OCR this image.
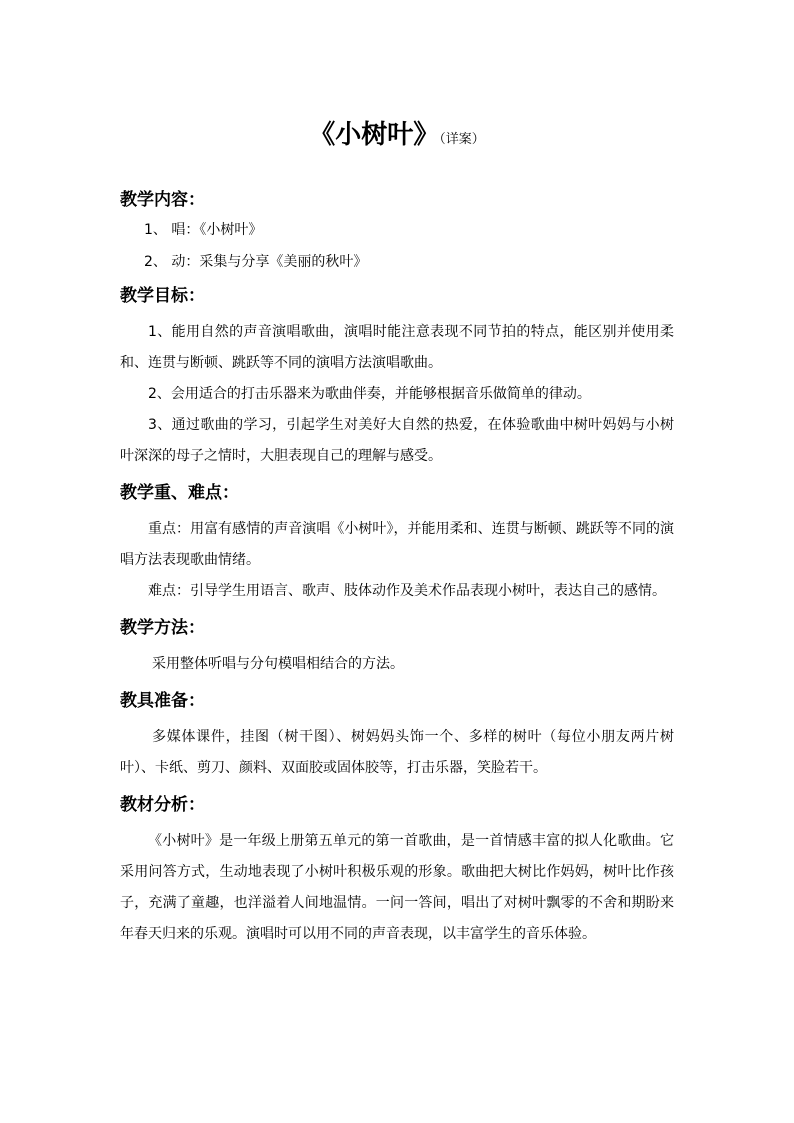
《小树叶》（详案）
教学内容：
1、 唱：《小树叶》
2、 动：采集与分享《美丽的秋叶》
教学目标：

1、能用自然的声音演唱歌曲，演唱时能注意表现不同节拍的特点，能区别并使用柔和、连贯与断顿、跳跃等不同的演唱方法演唱歌曲。

2、会用适合的打击乐器来为歌曲伴奏，并能够根据音乐做简单的律动。

3、通过歌曲的学习，引起学生对美好大自然的热爱，在体验歌曲中树叶妈妈与小树叶深深的母子之情时，大胆表现自己的理解与感受。

教学重、难点：

重点：用富有感情的声音演唱《小树叶》，并能用柔和、连贯与断顿、跳跃等不同的演唱方法表现歌曲情绪。

难点：引导学生用语言、歌声、肢体动作及美术作品表现小树叶，表达自己的感情。

教学方法：

采用整体听唱与分句模唱相结合的方法。

教具准备：

多媒体课件，挂图（树干图）、树妈妈头饰一个、多样的树叶（每位小朋友两片树叶）、卡纸、剪刀、颜料、双面胶或固体胶等，打击乐器，笑脸若干。

教材分析：

《小树叶》是一年级上册第五单元的第一首歌曲，是一首情感丰富的拟人化歌曲。它采用问答方式，生动地表现了小树叶积极乐观的形象。歌曲把大树比作妈妈，树叶比作孩子，充满了童趣，也洋溢着人间地温情。一问一答间，唱出了对树叶飘零的不舍和期盼来年春天归来的乐观。演唱时可以用不同的声音表现，以丰富学生的音乐体验。
